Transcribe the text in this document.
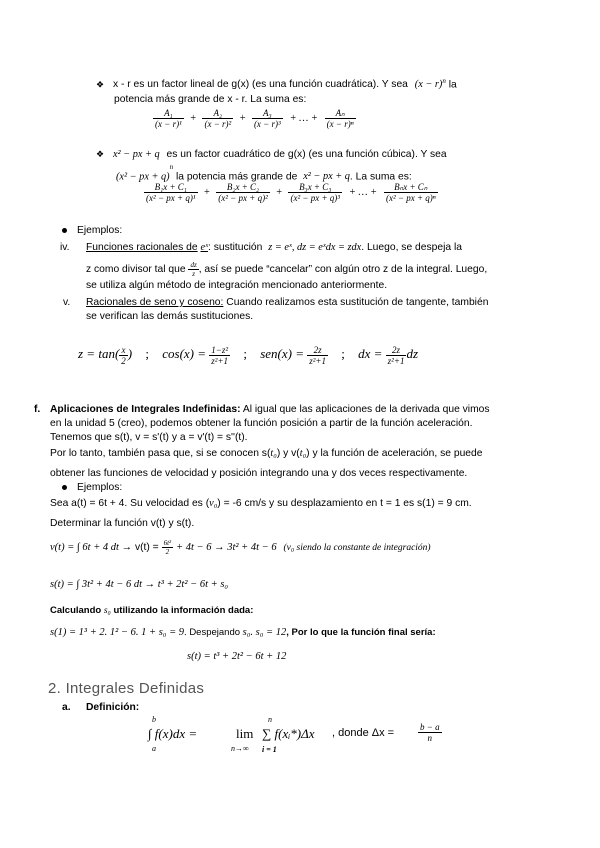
❖ x - r es un factor lineal de g(x) (es una función cuadrática). Y sea $(x - r)^n$ la
potencia más grande de x - r. La suma es:
$\frac{\text{A₁}}{\text{(x − r)¹}} + \frac{\text{A₂}}{\text{(x − r)²}} + \frac{\text{A₃}}{\text{(x − r)³}}$ + … + $\frac{\text{Aₙ}}{\text{(x − r)ⁿ}}$
❖ x² − px + q es un factor cuadrático de g(x) (es una función cúbica). Y sea
(x² − px + q)$^n$ la potencia más grande de x² − px + q. La suma es:
$\frac{\text{B₁x + C₁}}{\text{(x² − px + q)¹}} + \frac{\text{B₂x + C₂}}{\text{(x² − px + q)²}} + \frac{\text{B₃x + C₃}}{\text{(x² − px + q)³}}$ + … + $\frac{\text{Bₙx + Cₙ}}{\text{(x² − px + q)ⁿ}}$
Ejemplos:
iv. Funciones racionales de eˣ: sustitución z = eˣ, dz = eˣdx = zdx. Luego, se despeja la
z como divisor tal que $\frac{dz}{z}$ , así se puede “cancelar” con algún otro z de la integral. Luego,
se utiliza algún método de integración mencionado anteriormente.
v. Racionales de seno y coseno: Cuando realizamos esta sustitución de tangente, también
se verifican las demás sustituciones.
$z = \tan( \frac{x}{2}$ ) ; $\cos(x) = \frac{\text{1−z²}}{\text{z²+1}}$ ; $sen(x) = \frac{2z}{\text{z²+1}}$ ; dx = $\frac{2z}{\text{z²+1}}$ dz
f. Aplicaciones de Integrales Indefinidas: Al igual que las aplicaciones de la derivada que vimos
en la unidad 5 (creo), podemos obtener la función posición a partir de la función aceleración.
Tenemos que s(t), v = s'(t) y a = v'(t) = s''(t).
Por lo tanto, también pasa que, si se conocen s(t₀) y v(t₀) y la función de aceleración, se puede
obtener las funciones de velocidad y posición integrando una y dos veces respectivamente.
Ejemplos:
Sea a(t) = 6t + 4. Su velocidad es (v₀) = -6 cm/s y su desplazamiento en t = 1 es s(1) = 9 cm.
Determinar la función v(t) y s(t).
v(t) = ∫ 6t + 4 dt → $v(t) = \frac{\text{6t²}}{2} + 4t - 6 \to 3t^2 + 4t - 6$ (v₀ siendo la constante de integración)
s(t) = ∫ 3t² + 4t − 6 dt → t³ + 2t² − 6t + s₀
Calculando s₀ utilizando la información dada:
s(1) = 1³ + 2. 1² − 6. 1 + s₀ = 9. Despejando s₀. s₀ = 12, Por lo que la función final sería:
s(t) = t³ + 2t² − 6t + 12
2. Integrales Definidas
a. Definición:
b
a
∫ f(x)dx =	lim
n→∞
n
i = 1
∑ f(xᵢ*)Δx , donde Δx =	$\frac{b - a}{n}$
